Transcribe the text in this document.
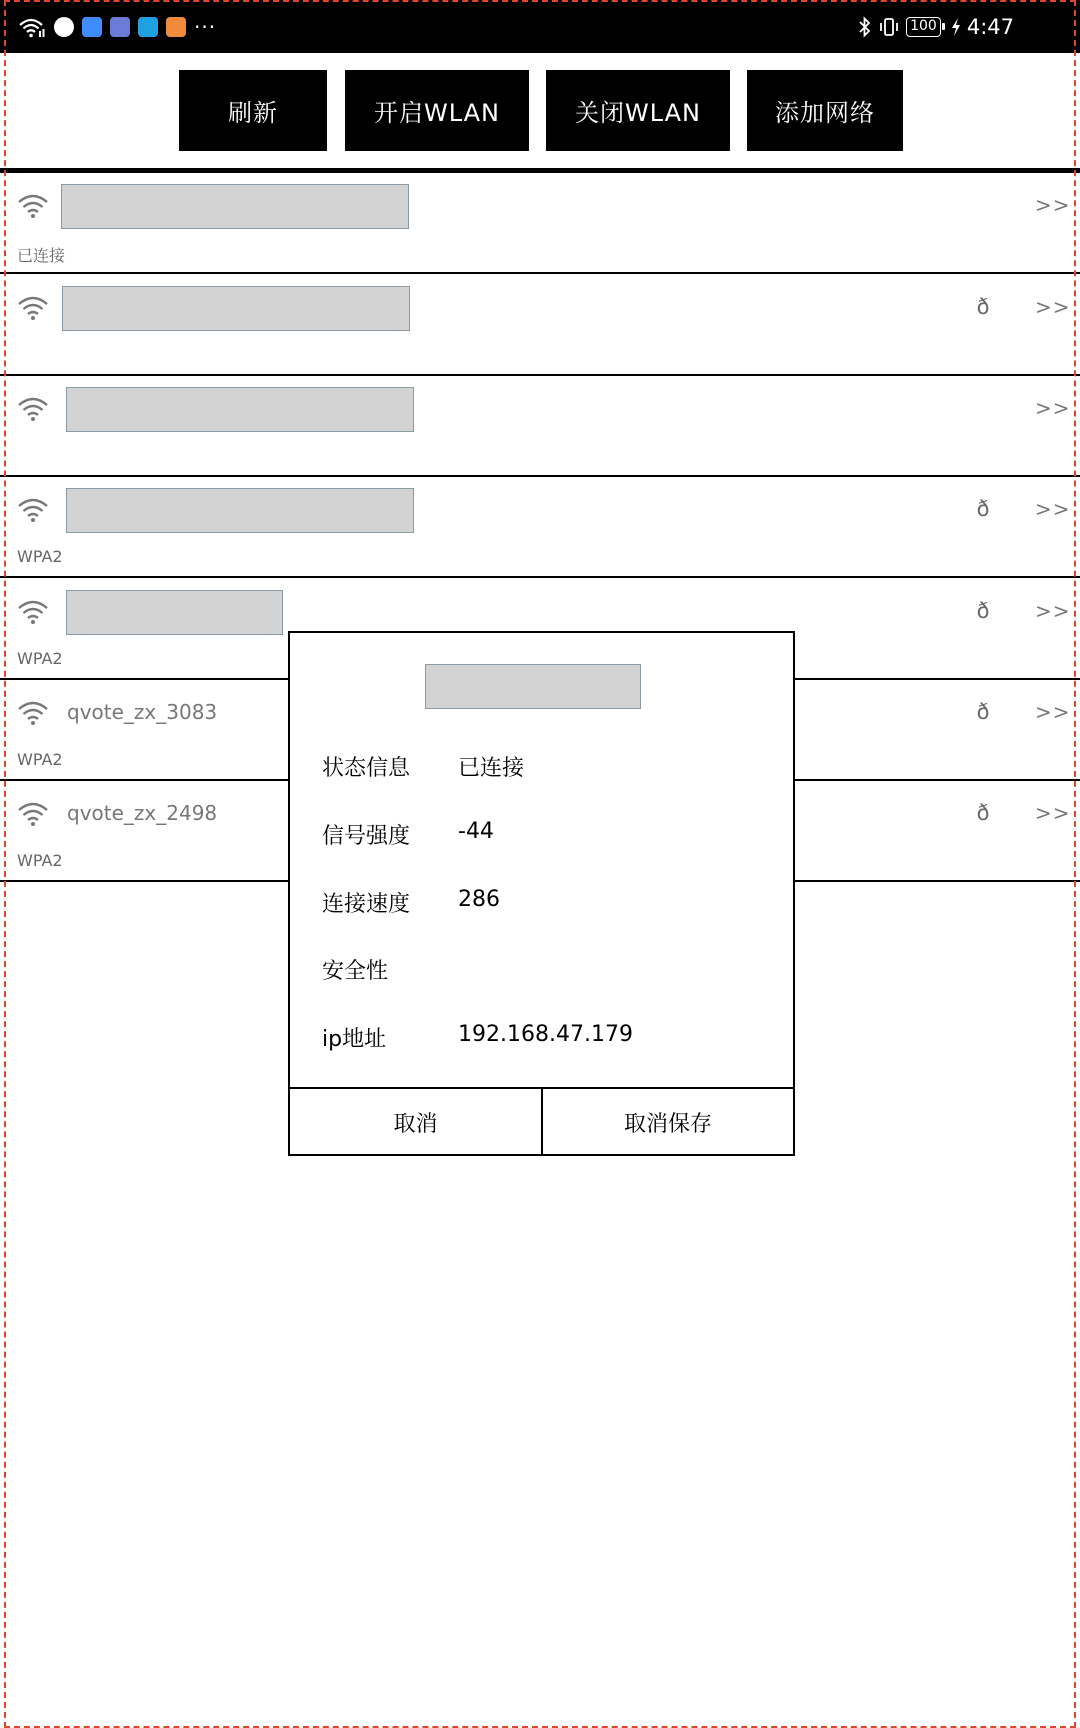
···	100 4:47
刷新	开启WLAN	关闭WLAN	添加网络
>>
已连接
ð >>
>>
ð >>
WPA2
ð >>
WPA2
qvote_zx_3083	ð >>
WPA2
qvote_zx_2498	ð >>
WPA2
状态信息 已连接
信号强度 -44
连接速度 286
安全性
ip地址	192.168.47.179
取消	取消保存
